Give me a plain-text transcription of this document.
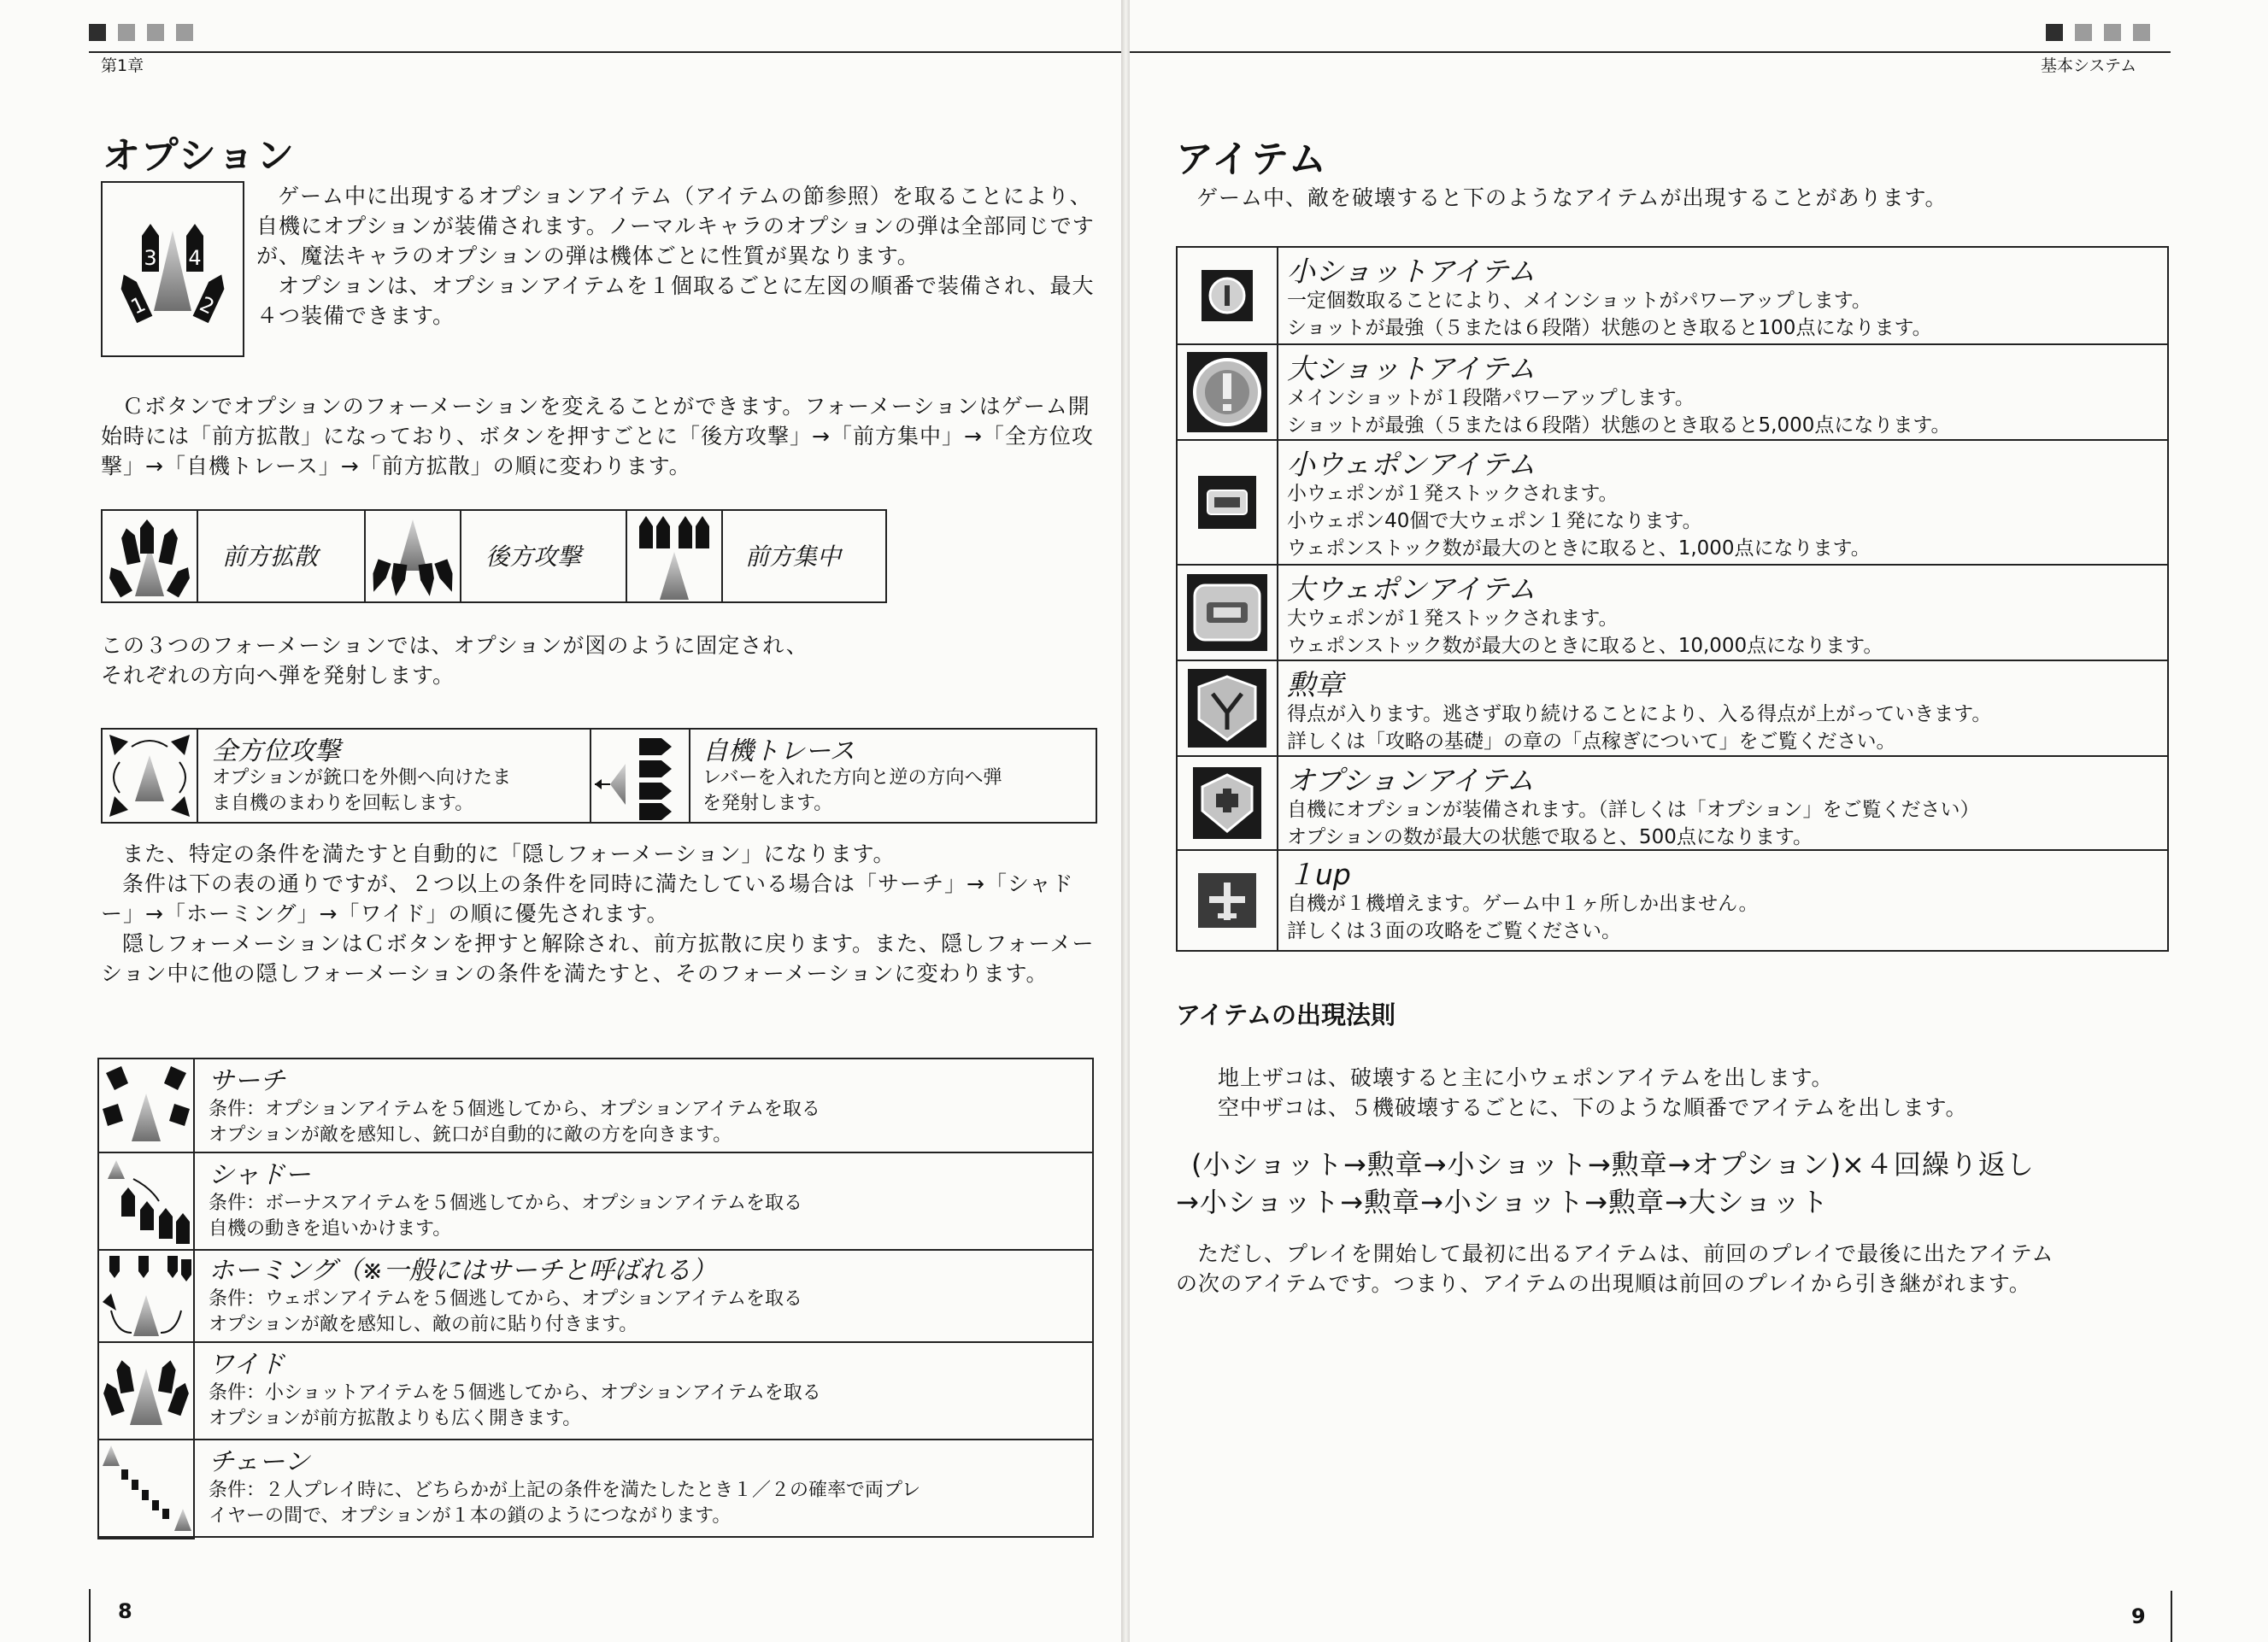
第1章
オプション
3 4
1 2

ゲーム中に出現するオプションアイテム（アイテムの節参照）を取ることにより、自機にオプションが装備されます。ノーマルキャラのオプションの弾は全部同じですが、魔法キャラのオプションの弾は機体ごとに性質が異なります。

オプションは、オプションアイテムを１個取るごとに左図の順番で装備され、最大４つ装備できます。

Ｃボタンでオプションのフォーメーションを変えることができます。フォーメーションはゲーム開始時には「前方拡散」になっており、ボタンを押すごとに「後方攻撃」→「前方集中」→「全方位攻撃」→「自機トレース」→「前方拡散」の順に変わります。

前方拡散	後方攻撃	前方集中

この３つのフォーメーションでは、オプションが図のように固定され、

それぞれの方向へ弾を発射します。

全方位攻撃
オプションが銃口を外側へ向けたま
ま自機のまわりを回転します。
自機トレース
レバーを入れた方向と逆の方向へ弾
を発射します。

また、特定の条件を満たすと自動的に「隠しフォーメーション」になります。

条件は下の表の通りですが、２つ以上の条件を同時に満たしている場合は「サーチ」→「シャドー」→「ホーミング」→「ワイド」の順に優先されます。

隠しフォーメーションはＣボタンを押すと解除され、前方拡散に戻ります。また、隠しフォーメーション中に他の隠しフォーメーションの条件を満たすと、そのフォーメーションに変わります。

サーチ
条件：オプションアイテムを５個逃してから、オプションアイテムを取る
オプションが敵を感知し、銃口が自動的に敵の方を向きます。
シャドー
条件：ボーナスアイテムを５個逃してから、オプションアイテムを取る
自機の動きを追いかけます。
ホーミング（※一般にはサーチと呼ばれる）
条件：ウェポンアイテムを５個逃してから、オプションアイテムを取る
オプションが敵を感知し、敵の前に貼り付きます。
ワイド
条件：小ショットアイテムを５個逃してから、オプションアイテムを取る
オプションが前方拡散よりも広く開きます。
チェーン
条件：２人プレイ時に、どちらかが上記の条件を満たしたとき１／２の確率で両プレ
イヤーの間で、オプションが１本の鎖のようにつながります。
8
基本システム
アイテム

ゲーム中、敵を破壊すると下のようなアイテムが出現することがあります。

小ショットアイテム
一定個数取ることにより、メインショットがパワーアップします。
ショットが最強（５または６段階）状態のとき取ると100点になります。
大ショットアイテム
メインショットが１段階パワーアップします。
ショットが最強（５または６段階）状態のとき取ると5,000点になります。
小ウェポンアイテム
小ウェポンが１発ストックされます。
小ウェポン40個で大ウェポン１発になります。
ウェポンストック数が最大のときに取ると、1,000点になります。
大ウェポンアイテム
大ウェポンが１発ストックされます。
ウェポンストック数が最大のときに取ると、10,000点になります。
勲章
得点が入ります。逃さず取り続けることにより、入る得点が上がっていきます。
詳しくは「攻略の基礎」の章の「点稼ぎについて」をご覧ください。
オプションアイテム
自機にオプションが装備されます。（詳しくは「オプション」をご覧ください）
オプションの数が最大の状態で取ると、500点になります。
１up
自機が１機増えます。ゲーム中１ヶ所しか出ません。
詳しくは３面の攻略をご覧ください。
アイテムの出現法則

地上ザコは、破壊すると主に小ウェポンアイテムを出します。

空中ザコは、５機破壊するごとに、下のような順番でアイテムを出します。

(小ショット→勲章→小ショット→勲章→オプション)×４回繰り返し
→小ショット→勲章→小ショット→勲章→大ショット

ただし、プレイを開始して最初に出るアイテムは、前回のプレイで最後に出たアイテム

の次のアイテムです。つまり、アイテムの出現順は前回のプレイから引き継がれます。

9
